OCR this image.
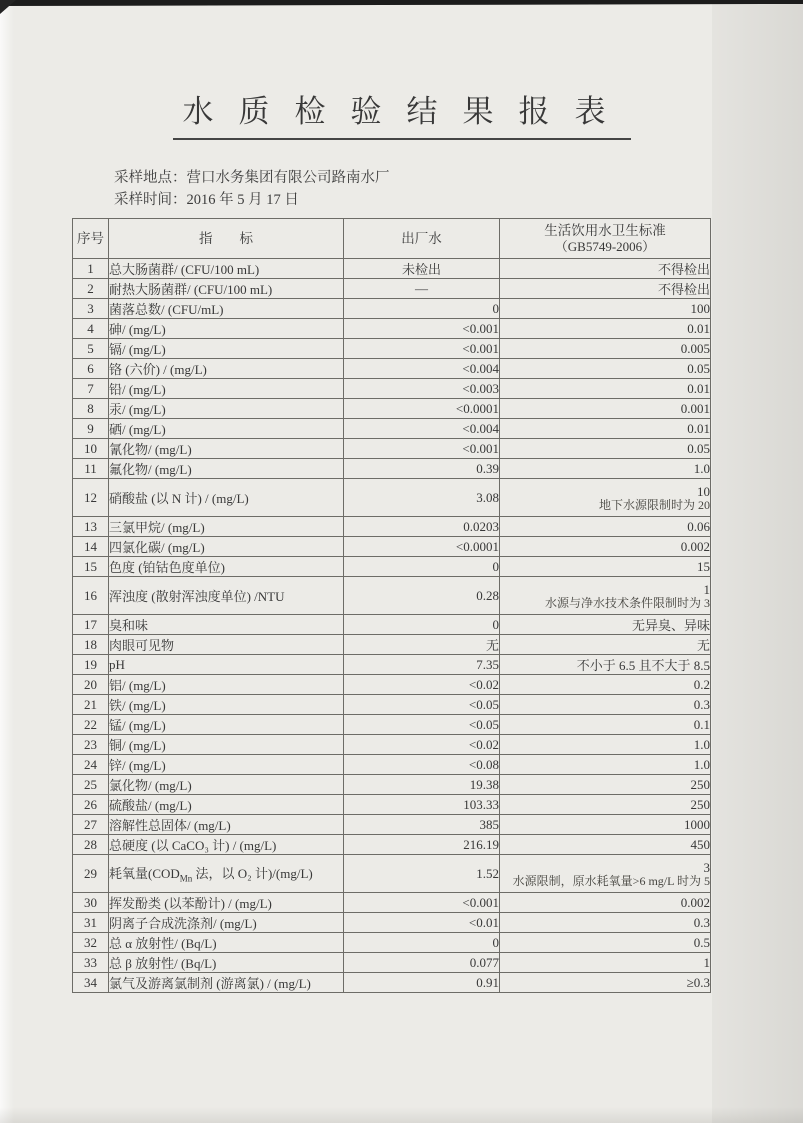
水质检验结果报表
采样地点：营口水务集团有限公司路南水厂
采样时间：2016 年 5 月 17 日
序号	指　　标	出厂水	生活饮用水卫生标准
（GB5749-2006）

1	总大肠菌群/ (CFU/100 mL)	未检出	不得检出
2	耐热大肠菌群/ (CFU/100 mL)	—	不得检出
3	菌落总数/ (CFU/mL)	0	100
4	砷/ (mg/L)	<0.001	0.01
5	镉/ (mg/L)	<0.001	0.005
6	铬 (六价) / (mg/L)	<0.004	0.05
7	铅/ (mg/L)	<0.003	0.01
8	汞/ (mg/L)	<0.0001	0.001
9	硒/ (mg/L)	<0.004	0.01
10	氰化物/ (mg/L)	<0.001	0.05
11	氟化物/ (mg/L)	0.39	1.0
12	硝酸盐 (以 N 计) / (mg/L)	3.08	10
地下水源限制时为 20

13	三氯甲烷/ (mg/L)	0.0203	0.06
14	四氯化碳/ (mg/L)	<0.0001	0.002
15	色度 (铂钴色度单位)	0	15
16	浑浊度 (散射浑浊度单位) /NTU	0.28	1
水源与净水技术条件限制时为 3

17	臭和味	0	无异臭、异味
18	肉眼可见物	无	无
19	pH	7.35	不小于 6.5 且不大于 8.5
20	铝/ (mg/L)	<0.02	0.2
21	铁/ (mg/L)	<0.05	0.3
22	锰/ (mg/L)	<0.05	0.1
23	铜/ (mg/L)	<0.02	1.0
24	锌/ (mg/L)	<0.08	1.0
25	氯化物/ (mg/L)	19.38	250
26	硫酸盐/ (mg/L)	103.33	250
27	溶解性总固体/ (mg/L)	385	1000
28	总硬度 (以 CaCO₃ 计) / (mg/L)	216.19	450
29	耗氧量($COD_{Mn}$ 法，以 O₂ 计)/(mg/L)	1.52	3
水源限制，原水耗氧量>6 mg/L 时为 5

30	挥发酚类 (以苯酚计) / (mg/L)	<0.001	0.002
31	阴离子合成洗涤剂/ (mg/L)	<0.01	0.3
32	总 α 放射性/ (Bq/L)	0	0.5
33	总 β 放射性/ (Bq/L)	0.077	1
34	氯气及游离氯制剂 (游离氯) / (mg/L)	0.91	≥0.3
